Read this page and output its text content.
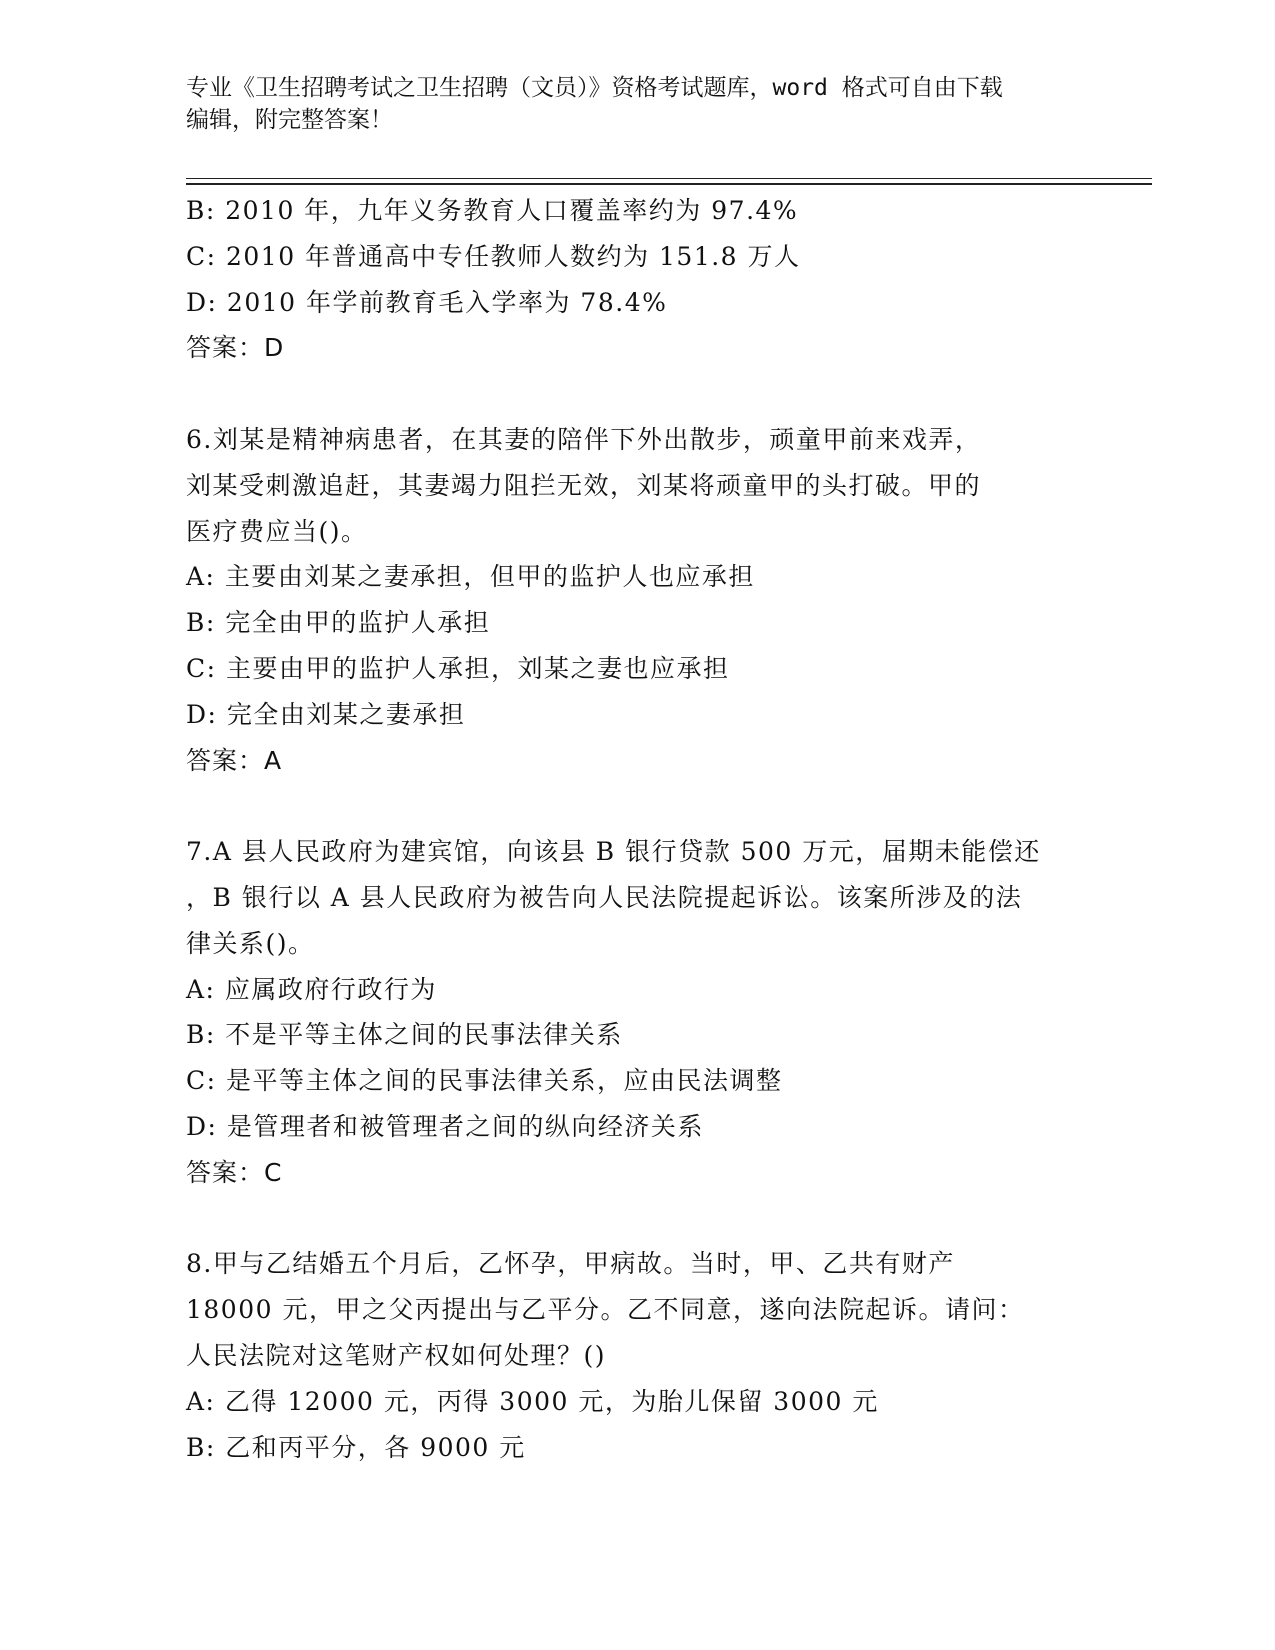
专业《卫生招聘考试之卫生招聘（文员）》资格考试题库，word 格式可自由下载
编辑，附完整答案！
B: 2010 年，九年义务教育人口覆盖率约为 97.4%
C: 2010 年普通高中专任教师人数约为 151.8 万人
D: 2010 年学前教育毛入学率为 78.4%
答案：D
6.刘某是精神病患者，在其妻的陪伴下外出散步，顽童甲前来戏弄，
刘某受刺激追赶，其妻竭力阻拦无效，刘某将顽童甲的头打破。甲的
医疗费应当()。
A: 主要由刘某之妻承担，但甲的监护人也应承担
B: 完全由甲的监护人承担
C: 主要由甲的监护人承担，刘某之妻也应承担
D: 完全由刘某之妻承担
答案：A
7.A 县人民政府为建宾馆，向该县 B 银行贷款 500 万元，届期未能偿还
，B 银行以 A 县人民政府为被告向人民法院提起诉讼。该案所涉及的法
律关系()。
A: 应属政府行政行为
B: 不是平等主体之间的民事法律关系
C: 是平等主体之间的民事法律关系，应由民法调整
D: 是管理者和被管理者之间的纵向经济关系
答案：C
8.甲与乙结婚五个月后，乙怀孕，甲病故。当时，甲、乙共有财产
18000 元，甲之父丙提出与乙平分。乙不同意，遂向法院起诉。请问：
人民法院对这笔财产权如何处理？()
A: 乙得 12000 元，丙得 3000 元，为胎儿保留 3000 元
B: 乙和丙平分，各 9000 元
